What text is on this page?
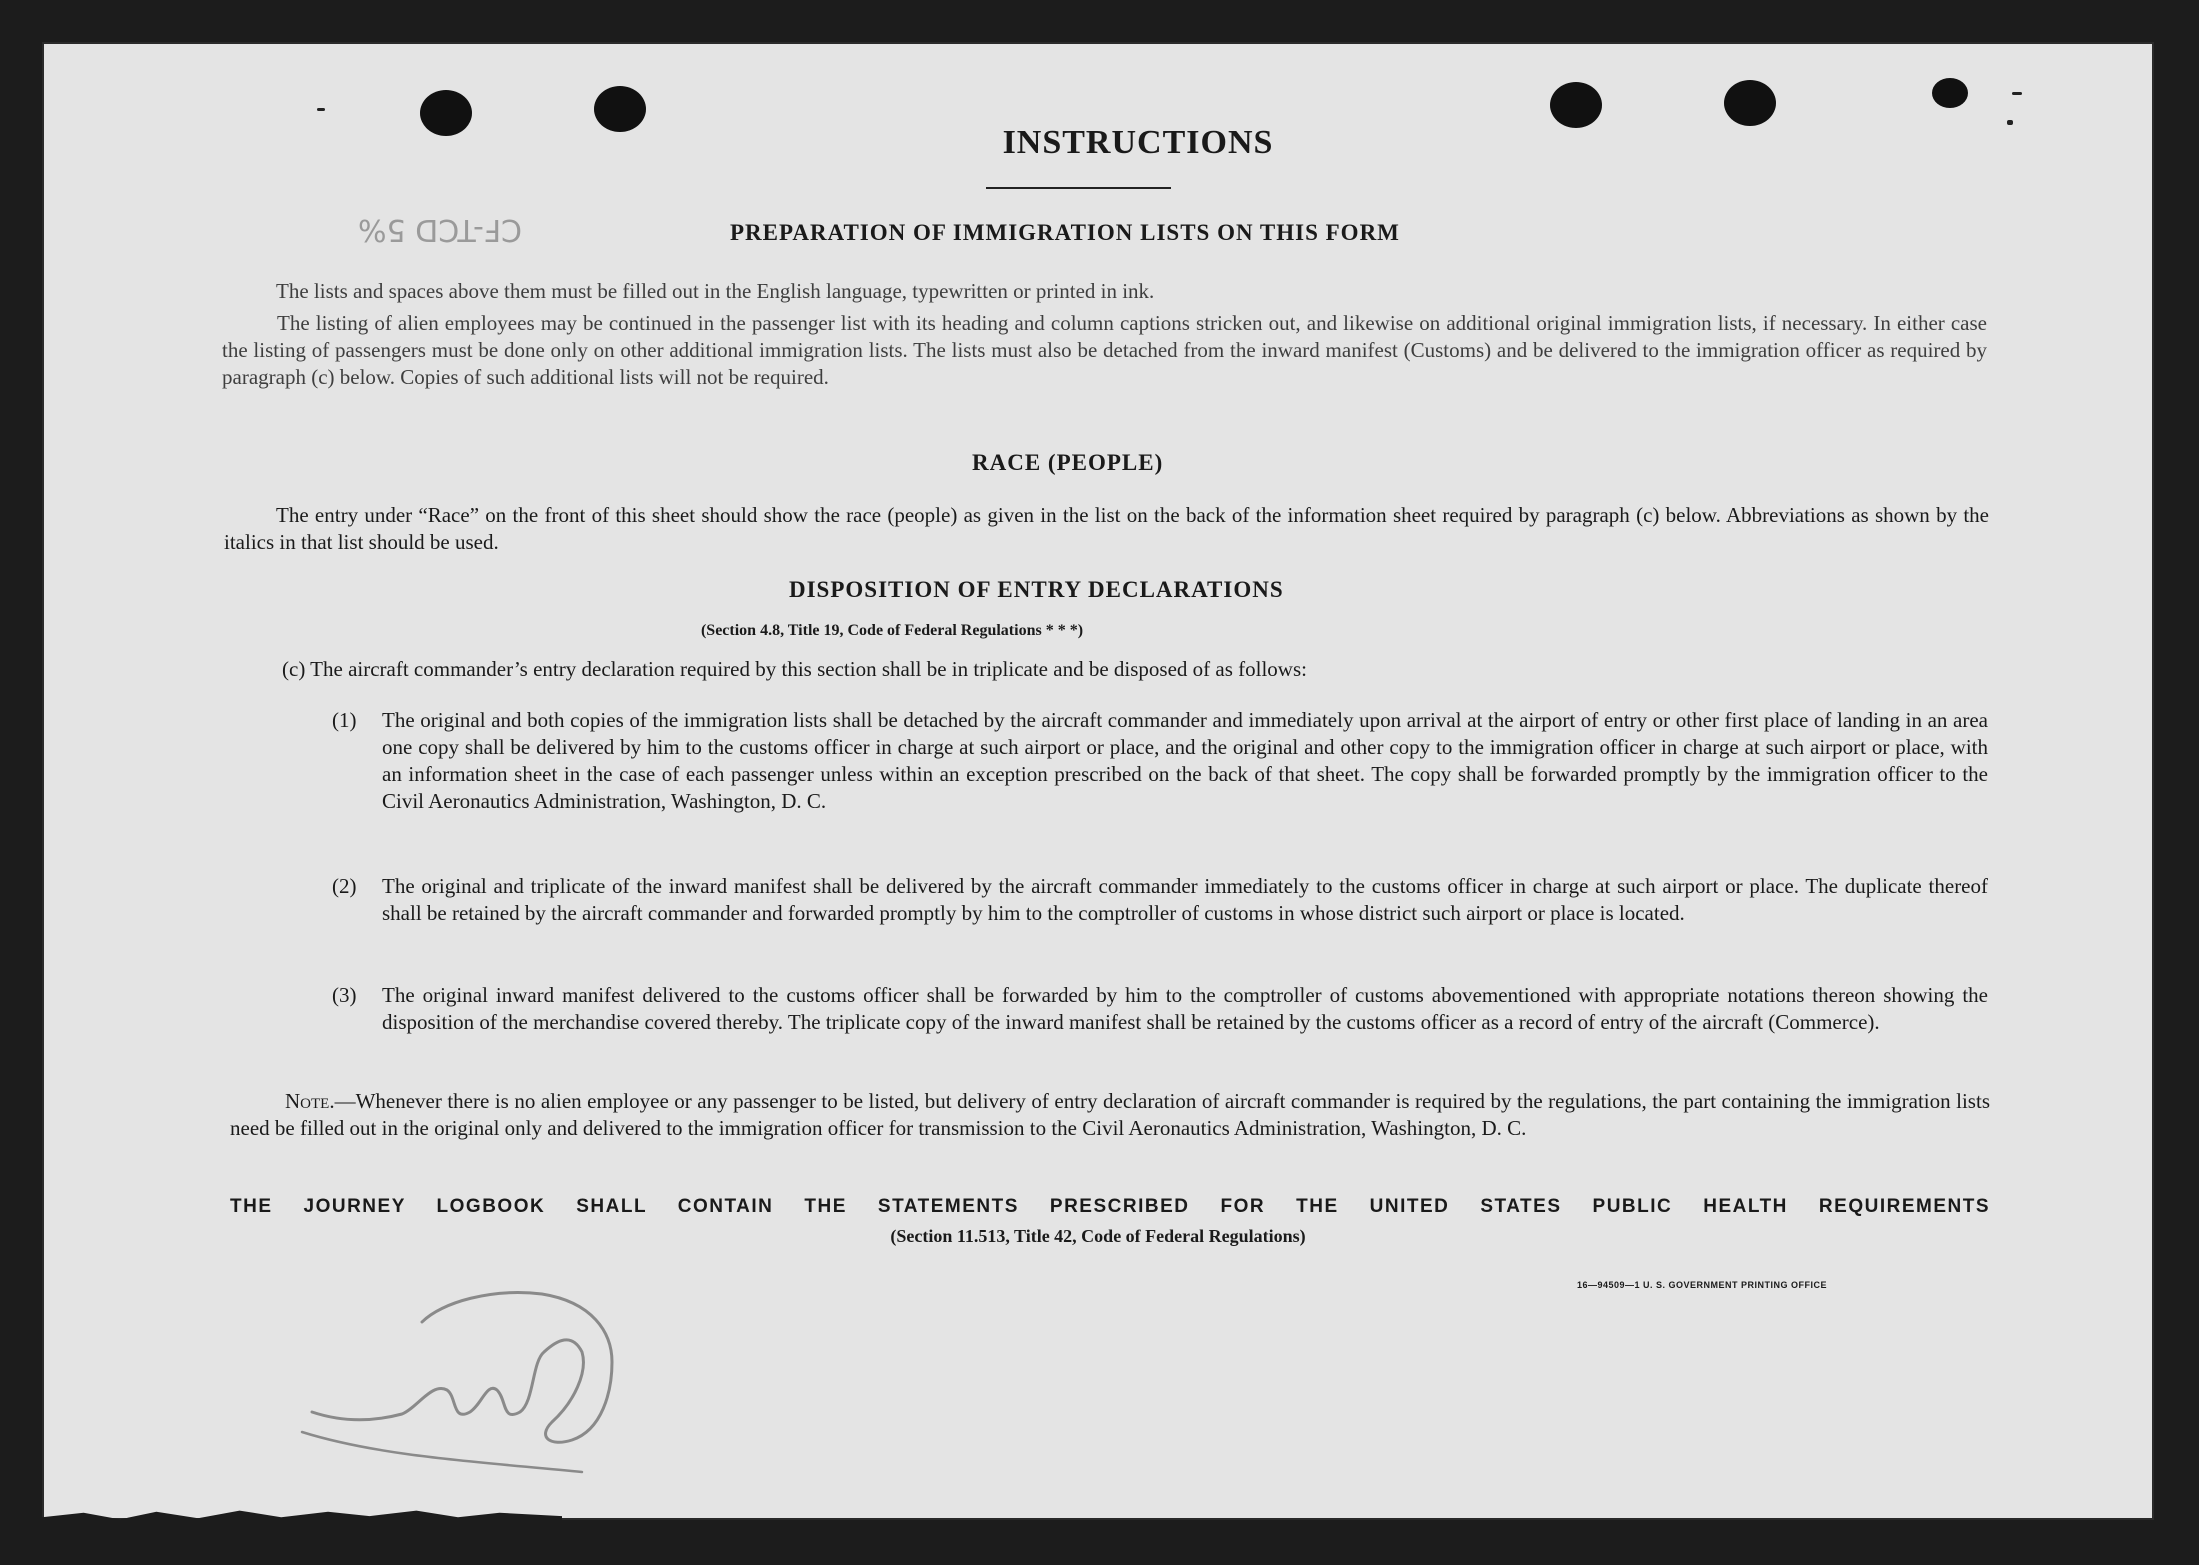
INSTRUCTIONS
CF-TCD 5%	PREPARATION OF IMMIGRATION LISTS ON THIS FORM
The lists and spaces above them must be filled out in the English language, typewritten or printed in ink.
The listing of alien employees may be continued in the passenger list with its heading and column captions stricken out, and likewise on additional original immigration lists, if necessary. In either case the listing of passengers must be done only on other additional immigration lists. The lists must also be detached from the inward manifest (Customs) and be delivered to the immigration officer as required by paragraph (c) below. Copies of such additional lists will not be required.
RACE (PEOPLE)
The entry under “Race” on the front of this sheet should show the race (people) as given in the list on the back of the information sheet required by paragraph (c) below. Abbreviations as shown by the italics in that list should be used.
DISPOSITION OF ENTRY DECLARATIONS
(Section 4.8, Title 19, Code of Federal Regulations * * *)
(c) The aircraft commander’s entry declaration required by this section shall be in triplicate and be disposed of as follows:
(1)	The original and both copies of the immigration lists shall be detached by the aircraft commander and immediately upon arrival at the airport of entry or other first place of landing in an area one copy shall be delivered by him to the customs officer in charge at such airport or place, and the original and other copy to the immigration officer in charge at such airport or place, with an information sheet in the case of each passenger unless within an exception prescribed on the back of that sheet. The copy shall be forwarded promptly by the immigration officer to the Civil Aeronautics Administration, Washington, D. C.
(2)	The original and triplicate of the inward manifest shall be delivered by the aircraft commander immediately to the customs officer in charge at such airport or place. The duplicate thereof shall be retained by the aircraft commander and forwarded promptly by him to the comptroller of customs in whose district such airport or place is located.
(3)	The original inward manifest delivered to the customs officer shall be forwarded by him to the comptroller of customs abovementioned with appropriate notations thereon showing the disposition of the merchandise covered thereby. The triplicate copy of the inward manifest shall be retained by the customs officer as a record of entry of the aircraft (Commerce).
Note.—Whenever there is no alien employee or any passenger to be listed, but delivery of entry declaration of aircraft commander is required by the regulations, the part containing the immigration lists need be filled out in the original only and delivered to the immigration officer for transmission to the Civil Aeronautics Administration, Washington, D. C.
THE JOURNEY LOGBOOK SHALL CONTAIN THE STATEMENTS PRESCRIBED FOR THE UNITED STATES PUBLIC HEALTH REQUIREMENTS
(Section 11.513, Title 42, Code of Federal Regulations)
16—94509—1 U. S. GOVERNMENT PRINTING OFFICE
